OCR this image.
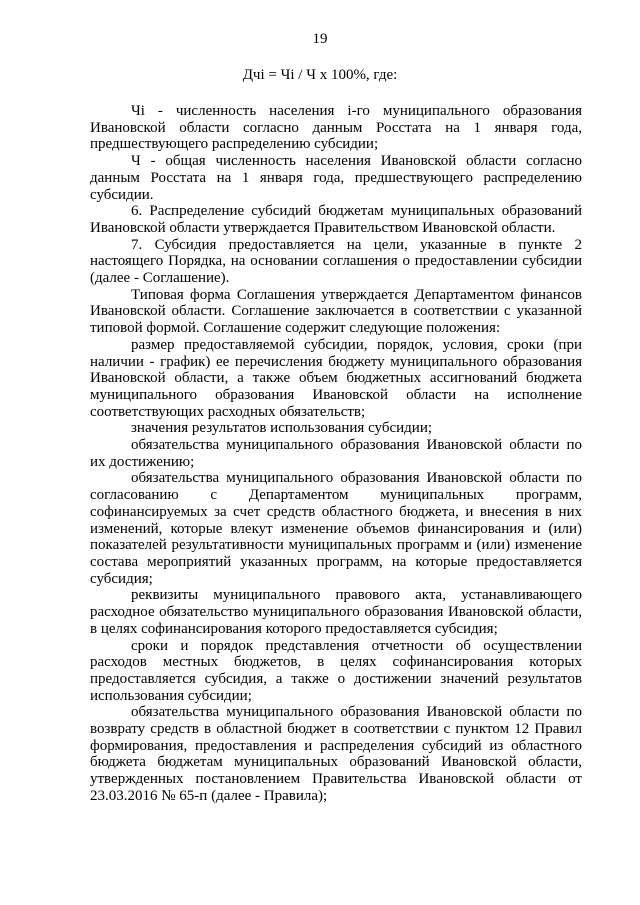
19
Дчi = Чi / Ч x 100%, где:

Чi - численность населения i-го муниципального образования Ивановской области согласно данным Росстата на 1 января года, предшествующего распределению субсидии;

Ч - общая численность населения Ивановской области согласно данным Росстата на 1 января года, предшествующего распределению субсидии.

6. Распределение субсидий бюджетам муниципальных образований Ивановской области утверждается Правительством Ивановской области.

7. Субсидия предоставляется на цели, указанные в пункте 2 настоящего Порядка, на основании соглашения о предоставлении субсидии (далее - Соглашение).

Типовая форма Соглашения утверждается Департаментом финансов Ивановской области. Соглашение заключается в соответствии с указанной типовой формой. Соглашение содержит следующие положения:

размер предоставляемой субсидии, порядок, условия, сроки (при наличии - график) ее перечисления бюджету муниципального образования Ивановской области, а также объем бюджетных ассигнований бюджета муниципального образования Ивановской области на исполнение соответствующих расходных обязательств;

значения результатов использования субсидии;

обязательства муниципального образования Ивановской области по их достижению;

обязательства муниципального образования Ивановской области по согласованию с Департаментом муниципальных программ, софинансируемых за счет средств областного бюджета, и внесения в них изменений, которые влекут изменение объемов финансирования и (или) показателей результативности муниципальных программ и (или) изменение состава мероприятий указанных программ, на которые предоставляется субсидия;

реквизиты муниципального правового акта, устанавливающего расходное обязательство муниципального образования Ивановской области, в целях софинансирования которого предоставляется субсидия;

сроки и порядок представления отчетности об осуществлении расходов местных бюджетов, в целях софинансирования которых предоставляется субсидия, а также о достижении значений результатов использования субсидии;

обязательства муниципального образования Ивановской области по возврату средств в областной бюджет в соответствии с пунктом 12 Правил формирования, предоставления и распределения субсидий из областного бюджета бюджетам муниципальных образований Ивановской области, утвержденных постановлением Правительства Ивановской области от 23.03.2016 № 65-п (далее - Правила);
